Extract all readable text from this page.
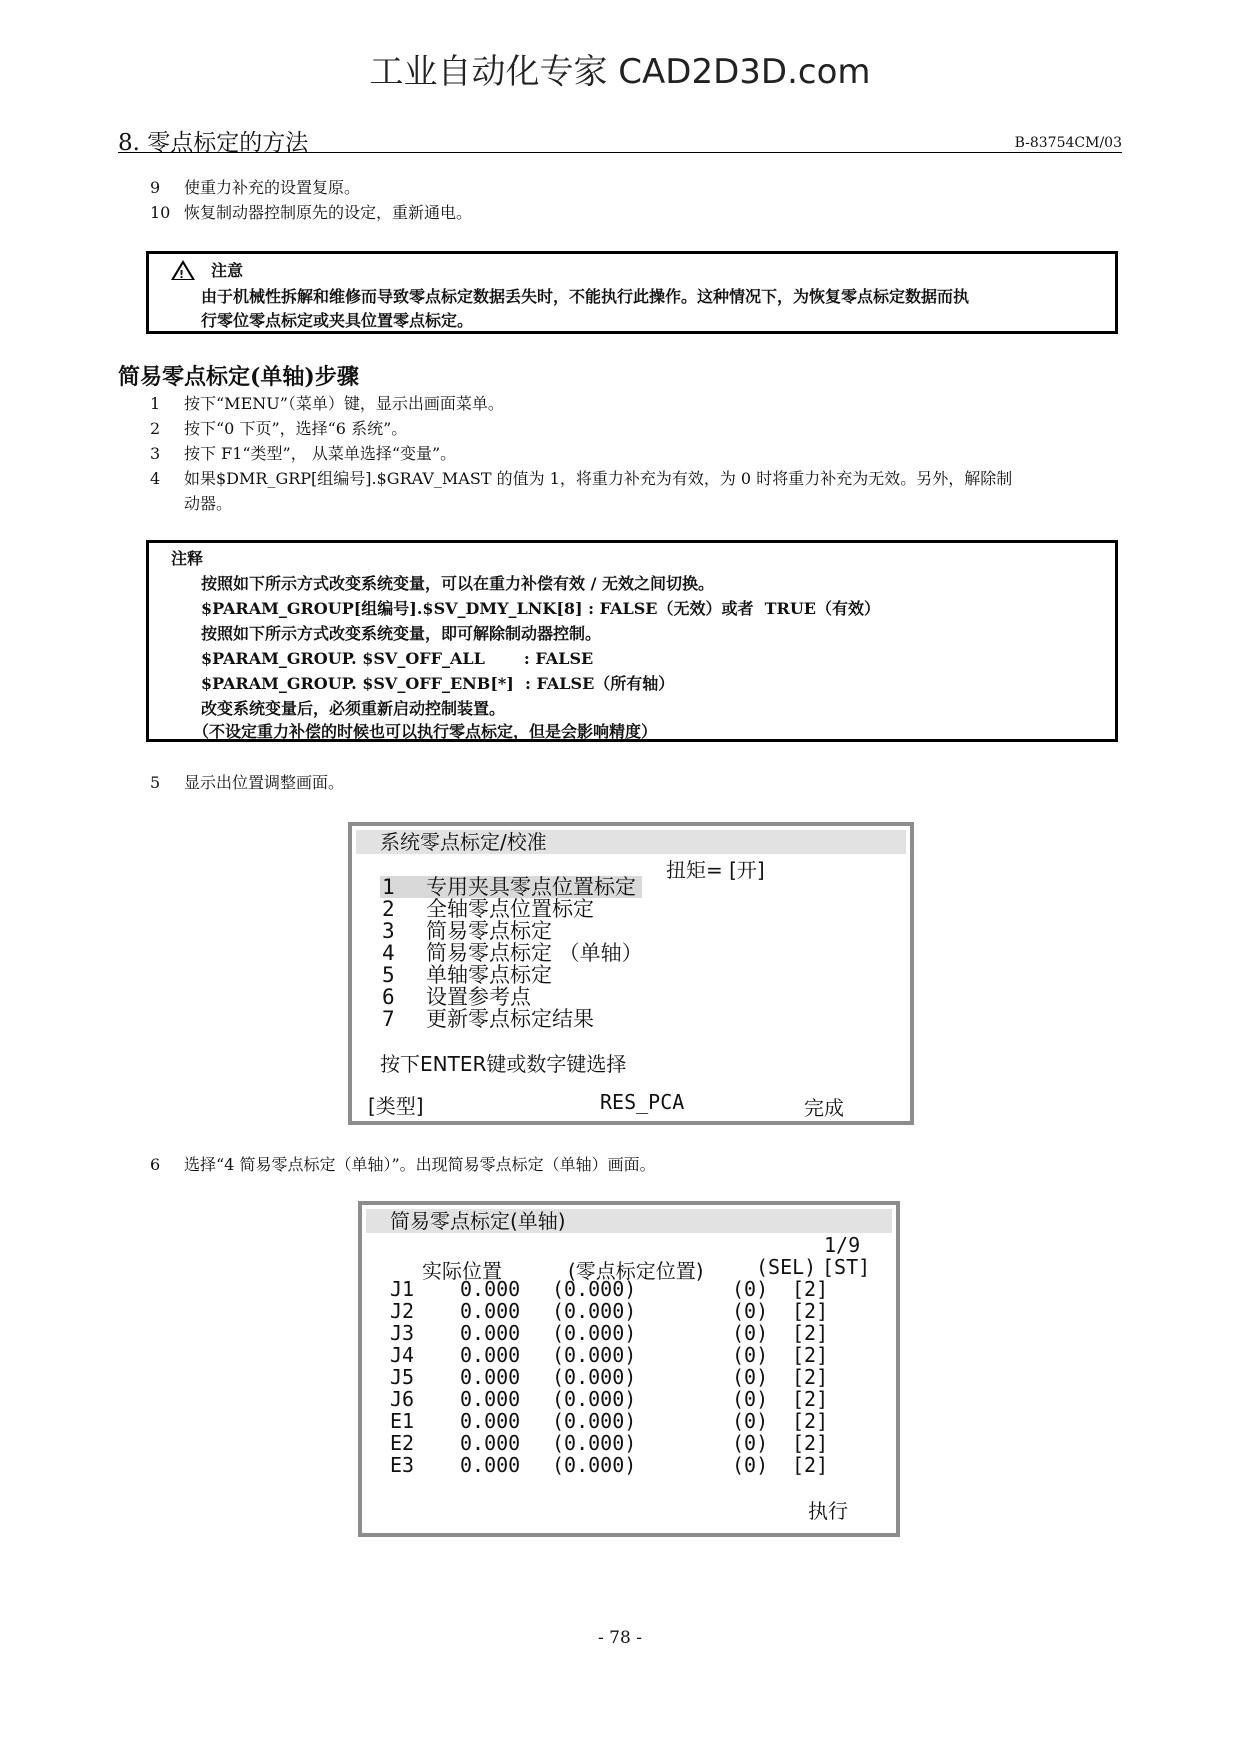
工业自动化专家 CAD2D3D.com
8. 零点标定的方法	B-83754CM/03
9	使重力补充的设置复原。
10 恢复制动器控制原先的设定，重新通电。
! 注意
由于机械性拆解和维修而导致零点标定数据丢失时，不能执行此操作。这种情况下，为恢复零点标定数据而执
行零位零点标定或夹具位置零点标定。
简易零点标定(单轴)步骤
1	按下“MENU”（菜单）键，显示出画面菜单。
2	按下“0 下页”，选择“6 系统”。
3	按下 F1“类型”， 从菜单选择“变量”。
4	如果$DMR_GRP[组编号].$GRAV_MAST 的值为 1，将重力补充为有效，为 0 时将重力补充为无效。另外，解除制
动器。
注释
按照如下所示方式改变系统变量，可以在重力补偿有效 / 无效之间切换。
$PARAM_GROUP[组编号].$SV_DMY_LNK[8] : FALSE（无效）或者  TRUE（有效）
按照如下所示方式改变系统变量，即可解除制动器控制。
$PARAM_GROUP. $SV_OFF_ALL       : FALSE
$PARAM_GROUP. $SV_OFF_ENB[*]  : FALSE（所有轴）
改变系统变量后，必须重新启动控制装置。
（不设定重力补偿的时候也可以执行零点标定，但是会影响精度）
5	显示出位置调整画面。
系统零点标定/校准
扭矩= [开]
1 专用夹具零点位置标定
2 全轴零点位置标定
3 简易零点标定
4 简易零点标定 （单轴）
5 单轴零点标定
6 设置参考点
7 更新零点标定结果
按下ENTER键或数字键选择
[类型]	RES_PCA	完成
6	选择“4 简易零点标定（单轴）”。出现简易零点标定（单轴）画面。
简易零点标定(单轴)
1/9
实际位置	(零点标定位置)	(SEL) [ST]
J1 0.000 (0.000)	(0) [2]
J2 0.000 (0.000)	(0) [2]
J3 0.000 (0.000)	(0) [2]
J4 0.000 (0.000)	(0) [2]
J5 0.000 (0.000)	(0) [2]
J6 0.000 (0.000)	(0) [2]
E1 0.000 (0.000)	(0) [2]
E2 0.000 (0.000)	(0) [2]
E3 0.000 (0.000)	(0) [2]
执行
- 78 -
